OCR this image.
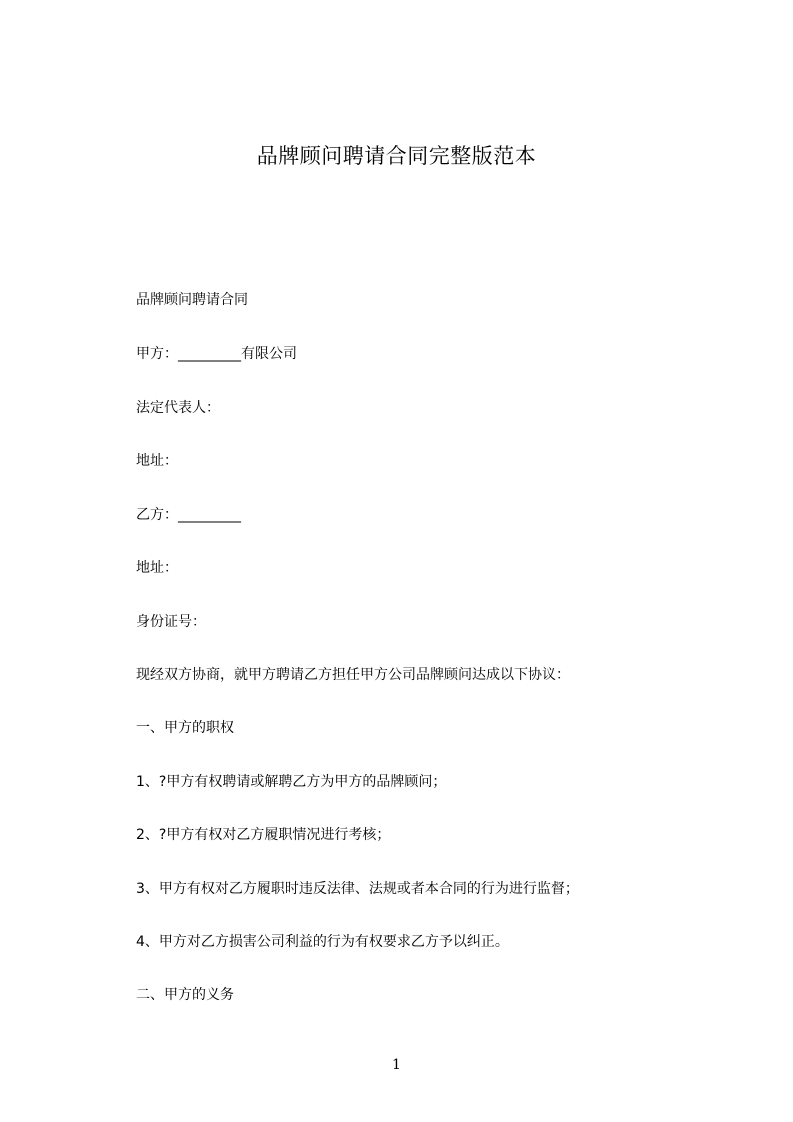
品牌顾问聘请合同完整版范本
品牌顾问聘请合同
甲方：_________有限公司
法定代表人：
地址：
乙方：_________
地址：
身份证号：
现经双方协商，就甲方聘请乙方担任甲方公司品牌顾问达成以下协议：
一、甲方的职权
1、?甲方有权聘请或解聘乙方为甲方的品牌顾问；
2、?甲方有权对乙方履职情况进行考核；
3、甲方有权对乙方履职时违反法律、法规或者本合同的行为进行监督；
4、甲方对乙方损害公司利益的行为有权要求乙方予以纠正。
二、甲方的义务
1
